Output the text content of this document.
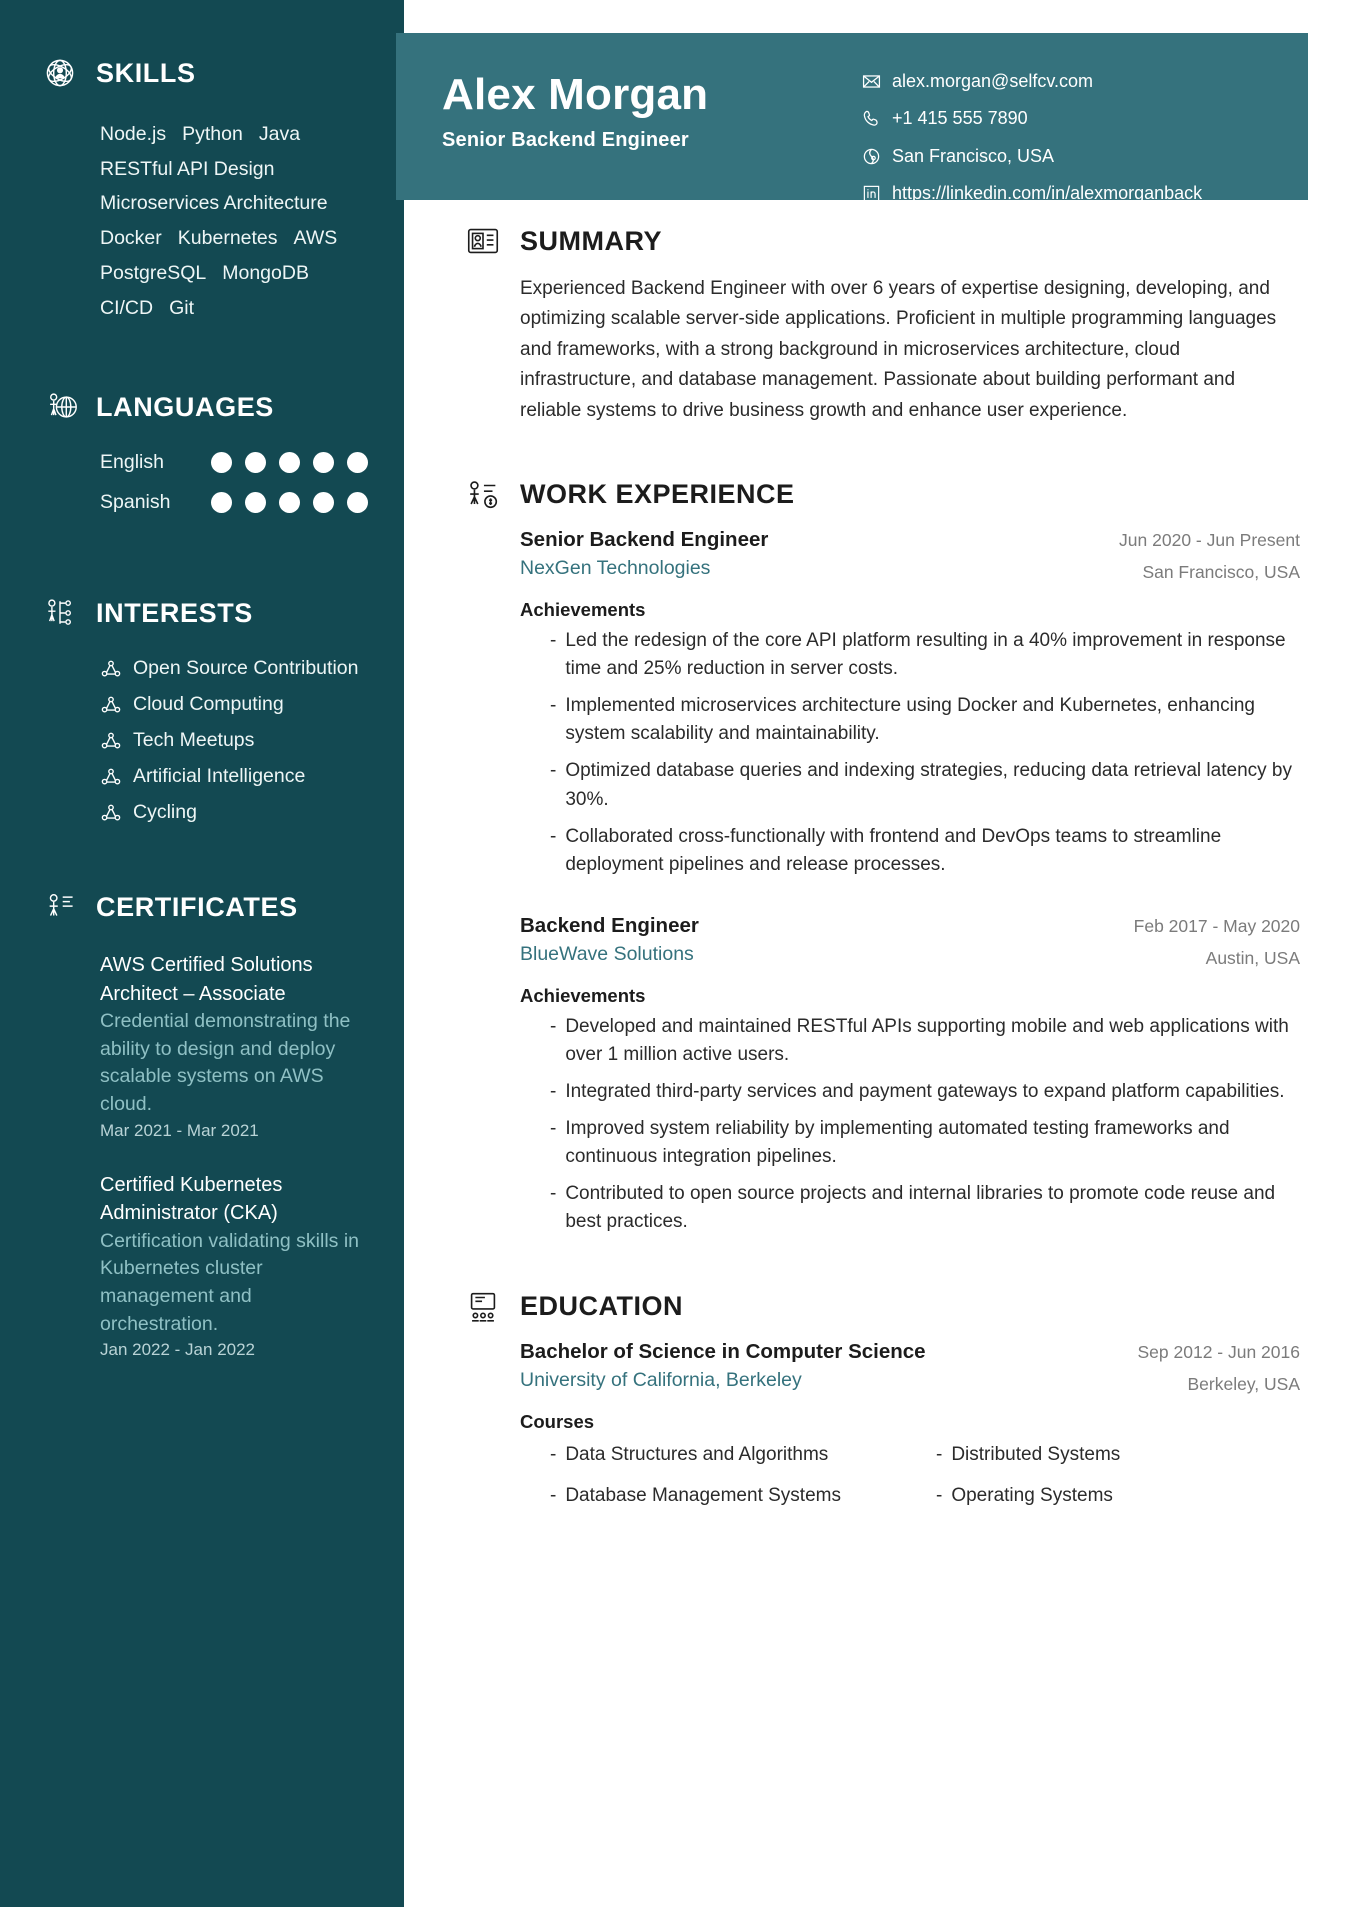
SKILLS
Node.js Python Java
RESTful API Design
Microservices Architecture
Docker Kubernetes AWS
PostgreSQL MongoDB
CI/CD Git
LANGUAGES
English
Spanish
INTERESTS
Open Source Contribution
Cloud Computing
Tech Meetups
Artificial Intelligence
Cycling
CERTIFICATES
AWS Certified Solutions Architect – Associate
Credential demonstrating the ability to design and deploy scalable systems on AWS cloud.
Mar 2021 - Mar 2021
Certified Kubernetes Administrator (CKA)
Certification validating skills in Kubernetes cluster management and orchestration.
Jan 2022 - Jan 2022
Alex Morgan
Senior Backend Engineer
alex.morgan@selfcv.com
+1 415 555 7890
San Francisco, USA
https://linkedin.com/in/alexmorganbackend
SUMMARY

Experienced Backend Engineer with over 6 years of expertise designing, developing, and optimizing scalable server-side applications. Proficient in multiple programming languages and frameworks, with a strong background in microservices architecture, cloud infrastructure, and database management. Passionate about building performant and reliable systems to drive business growth and enhance user experience.

WORK EXPERIENCE
Senior Backend Engineer
NexGen Technologies
Jun 2020 - Jun Present
San Francisco, USA
Achievements
- Led the redesign of the core API platform resulting in a 40% improvement in response time and 25% reduction in server costs.
- Implemented microservices architecture using Docker and Kubernetes, enhancing system scalability and maintainability.
- Optimized database queries and indexing strategies, reducing data retrieval latency by 30%.
- Collaborated cross-functionally with frontend and DevOps teams to streamline deployment pipelines and release processes.
Backend Engineer
BlueWave Solutions
Feb 2017 - May 2020
Austin, USA
Achievements
- Developed and maintained RESTful APIs supporting mobile and web applications with over 1 million active users.
- Integrated third-party services and payment gateways to expand platform capabilities.
- Improved system reliability by implementing automated testing frameworks and continuous integration pipelines.
- Contributed to open source projects and internal libraries to promote code reuse and best practices.
EDUCATION
Bachelor of Science in Computer Science
University of California, Berkeley
Sep 2012 - Jun 2016
Berkeley, USA
Courses
- Data Structures and Algorithms	- Distributed Systems
- Database Management Systems	- Operating Systems
